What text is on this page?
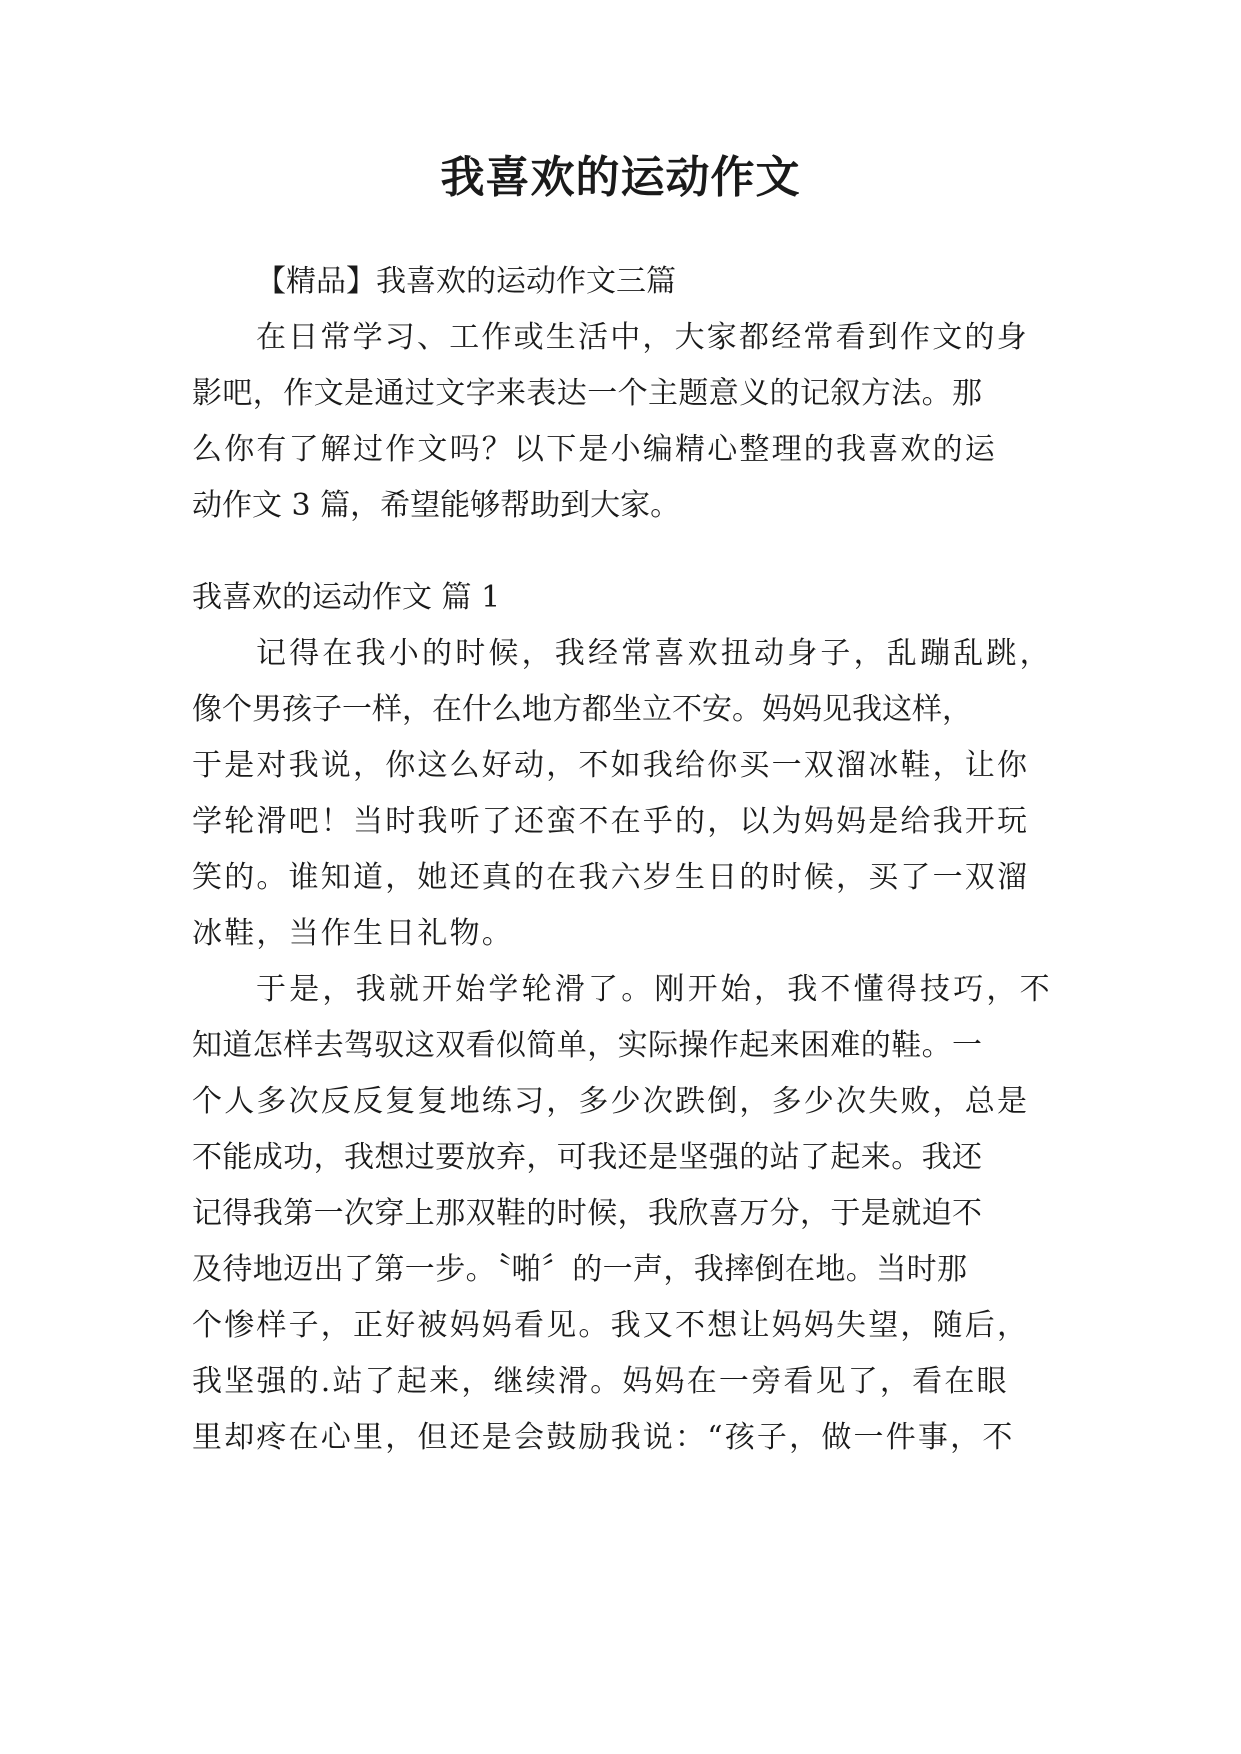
我喜欢的运动作文

【精品】我喜欢的运动作文三篇

在日常学习、工作或生活中，大家都经常看到作文的身

影吧，作文是通过文字来表达一个主题意义的记叙方法。那

么你有了解过作文吗？以下是小编精心整理的我喜欢的运

动作文 3 篇，希望能够帮助到大家。

我喜欢的运动作文 篇 1

记得在我小的时候，我经常喜欢扭动身子，乱蹦乱跳，

像个男孩子一样，在什么地方都坐立不安。妈妈见我这样，

于是对我说，你这么好动，不如我给你买一双溜冰鞋，让你

学轮滑吧！当时我听了还蛮不在乎的，以为妈妈是给我开玩

笑的。谁知道，她还真的在我六岁生日的时候，买了一双溜

冰鞋，当作生日礼物。

于是，我就开始学轮滑了。刚开始，我不懂得技巧，不

知道怎样去驾驭这双看似简单，实际操作起来困难的鞋。一

个人多次反反复复地练习，多少次跌倒，多少次失败，总是

不能成功，我想过要放弃，可我还是坚强的站了起来。我还

记得我第一次穿上那双鞋的时候，我欣喜万分，于是就迫不

及待地迈出了第一步。〝啪〞的一声，我摔倒在地。当时那

个惨样子，正好被妈妈看见。我又不想让妈妈失望，随后，

我坚强的.站了起来，继续滑。妈妈在一旁看见了，看在眼

里却疼在心里，但还是会鼓励我说：“孩子，做一件事，不
